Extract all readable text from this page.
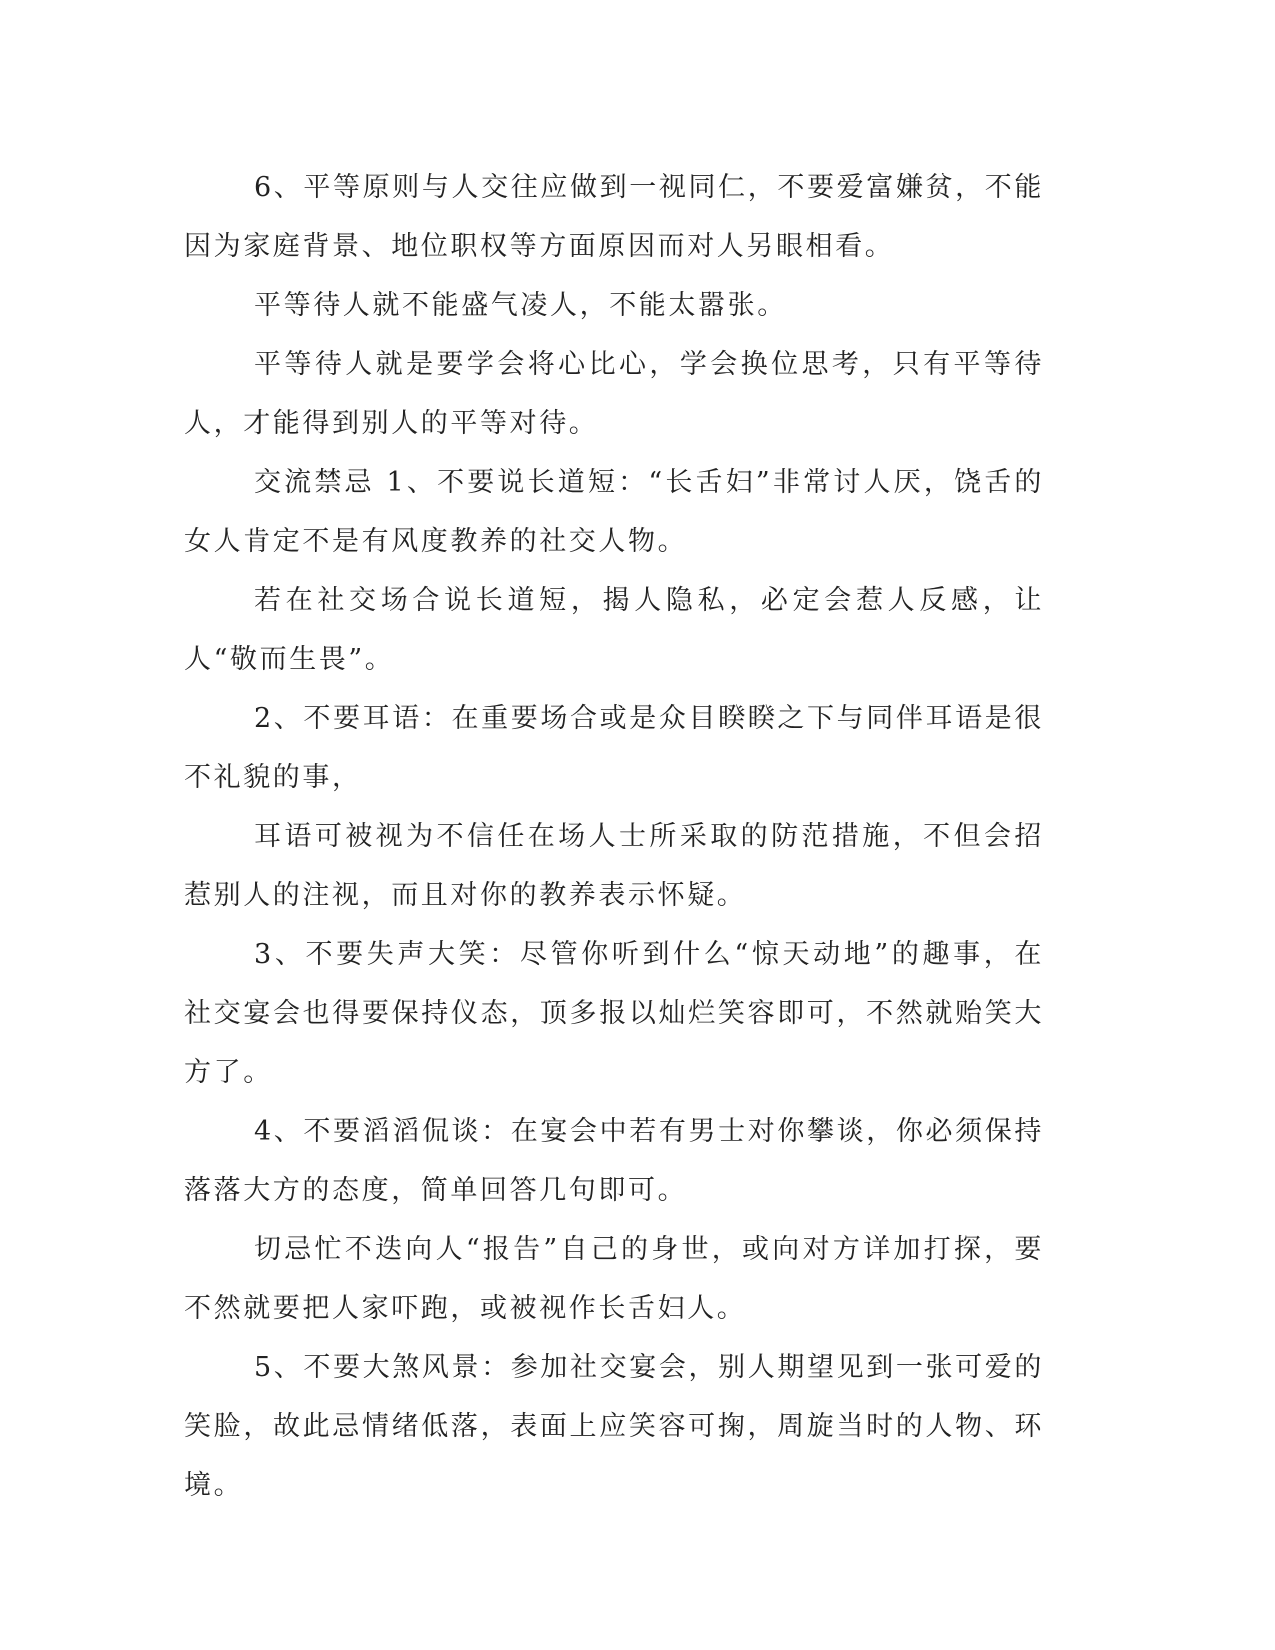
6、平等原则与人交往应做到一视同仁，不要爱富嫌贫，不能因为家庭背景、地位职权等方面原因而对人另眼相看。

平等待人就不能盛气凌人，不能太嚣张。

平等待人就是要学会将心比心，学会换位思考，只有平等待人，才能得到别人的平等对待。

交流禁忌 1、不要说长道短：“长舌妇”非常讨人厌，饶舌的女人肯定不是有风度教养的社交人物。

若在社交场合说长道短，揭人隐私，必定会惹人反感，让人“敬而生畏”。

2、不要耳语：在重要场合或是众目睽睽之下与同伴耳语是很不礼貌的事，

耳语可被视为不信任在场人士所采取的防范措施，不但会招惹别人的注视，而且对你的教养表示怀疑。

3、不要失声大笑：尽管你听到什么“惊天动地”的趣事，在社交宴会也得要保持仪态，顶多报以灿烂笑容即可，不然就贻笑大方了。

4、不要滔滔侃谈：在宴会中若有男士对你攀谈，你必须保持落落大方的态度，简单回答几句即可。

切忌忙不迭向人“报告”自己的身世，或向对方详加打探，要不然就要把人家吓跑，或被视作长舌妇人。

5、不要大煞风景：参加社交宴会，别人期望见到一张可爱的笑脸，故此忌情绪低落，表面上应笑容可掬，周旋当时的人物、环境。
